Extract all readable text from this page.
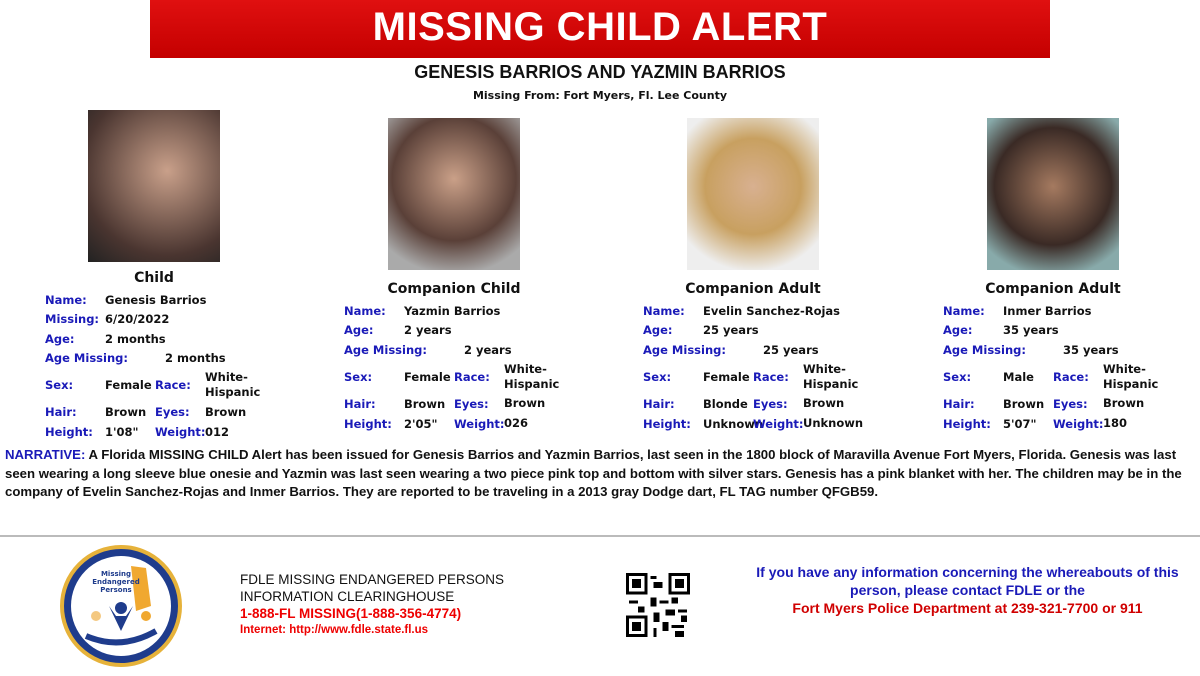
MISSING CHILD ALERT
GENESIS BARRIOS AND YAZMIN BARRIOS
Missing From: Fort Myers, Fl. Lee County
Child
Name:	Genesis Barrios
Missing: 6/20/2022
Age:	2 months
Age Missing:	2 months
Sex:	Female Race:
White-Hispanic
Hair:	Brown Eyes:	Brown
Height:	1'08"	Weight: 012
Companion Child
Name:	Yazmin Barrios
Age:	2 years
Age Missing:	2 years
Sex:	Female Race:
White-Hispanic
Hair:	Brown Eyes:	Brown
Height:	2'05"	Weight: 026
Companion Adult
Name:	Evelin Sanchez-Rojas
Age:	25 years
Age Missing:	25 years
Sex:	Female Race:
White-Hispanic
Hair:	Blonde Eyes:	Brown
Height:	Unknown
Weight: Unknown
Companion Adult
Name:	Inmer Barrios
Age:	35 years
Age Missing:	35 years
Sex:	Male	Race:
White-Hispanic
Hair:	Brown Eyes:	Brown
Height:	5'07"	Weight: 180
NARRATIVE: A Florida MISSING CHILD Alert has been issued for Genesis Barrios and Yazmin Barrios, last seen in the 1800 block of Maravilla Avenue Fort Myers, Florida. Genesis was last seen wearing a long sleeve blue onesie and Yazmin was last seen wearing a two piece pink top and bottom with silver stars. Genesis has a pink blanket with her. The children may be in the company of Evelin Sanchez-Rojas and Inmer Barrios. They are reported to be traveling in a 2013 gray Dodge dart, FL TAG number QFGB59.
Missing
Endangered
Persons
FDLE MISSING ENDANGERED PERSONS
INFORMATION CLEARINGHOUSE
1-888-FL MISSING(1-888-356-4774)
Internet: http://www.fdle.state.fl.us
If you have any information concerning the whereabouts of this person, please contact FDLE or the
Fort Myers Police Department at 239-321-7700 or 911
